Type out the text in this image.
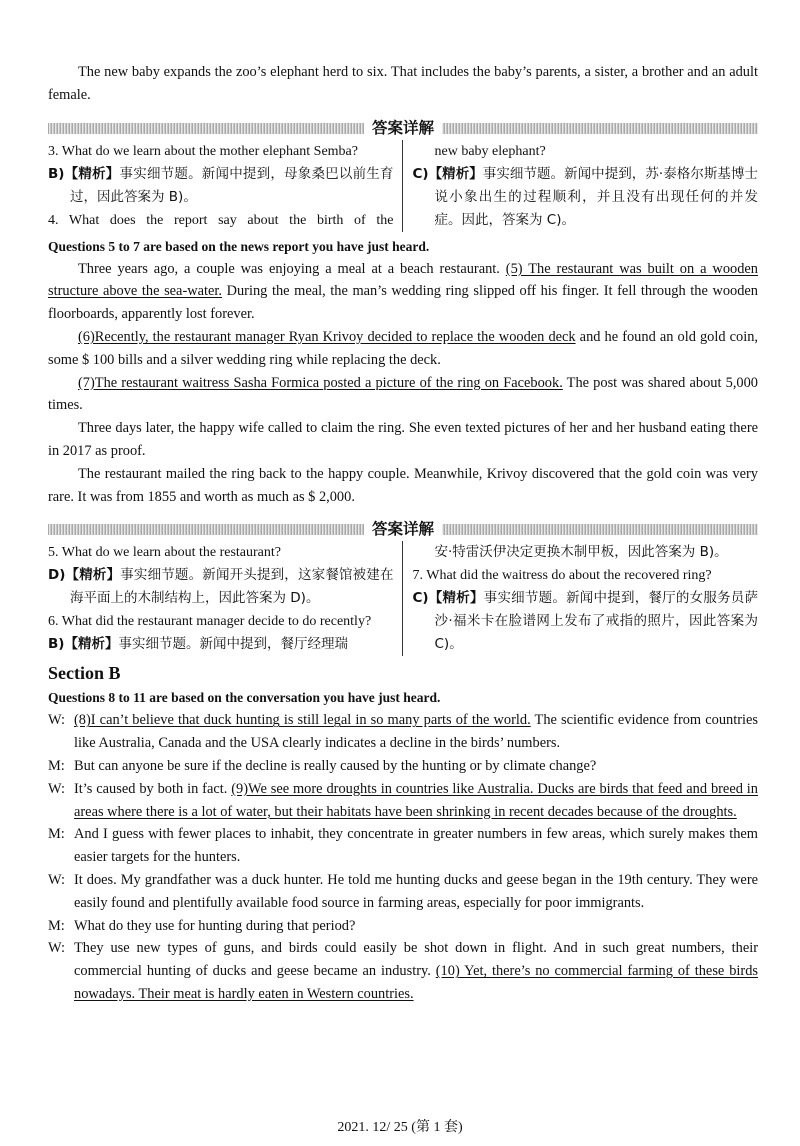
The new baby expands the zoo’s elephant herd to six. That includes the baby’s parents, a sister, a brother and an adult female.

答案详解

3. What do we learn about the mother elephant Semba?

B)【精析】事实细节题。新闻中提到，母象桑巴以前生育过，因此答案为 B)。

4. What does the report say about the birth of the

new baby elephant?

C)【精析】事实细节题。新闻中提到，苏·泰格尔斯基博士说小象出生的过程顺利，并且没有出现任何的并发症。因此，答案为 C)。

Questions 5 to 7 are based on the news report you have just heard.

Three years ago, a couple was enjoying a meal at a beach restaurant. (5) The restaurant was built on a wooden structure above the sea-water. During the meal, the man’s wedding ring slipped off his finger. It fell through the wooden floorboards, apparently lost forever.

(6)Recently, the restaurant manager Ryan Krivoy decided to replace the wooden deck and he found an old gold coin, some $ 100 bills and a silver wedding ring while replacing the deck.

(7)The restaurant waitress Sasha Formica posted a picture of the ring on Facebook. The post was shared about 5,000 times.

Three days later, the happy wife called to claim the ring. She even texted pictures of her and her husband eating there in 2017 as proof.

The restaurant mailed the ring back to the happy couple. Meanwhile, Krivoy discovered that the gold coin was very rare. It was from 1855 and worth as much as $ 2,000.

答案详解

5. What do we learn about the restaurant?

D)【精析】事实细节题。新闻开头提到，这家餐馆被建在海平面上的木制结构上，因此答案为 D)。

6. What did the restaurant manager decide to do recently?

B)【精析】事实细节题。新闻中提到，餐厅经理瑞

安·特雷沃伊决定更换木制甲板，因此答案为 B)。

7. What did the waitress do about the recovered ring?

C)【精析】事实细节题。新闻中提到，餐厅的女服务员萨沙·福米卡在脸谱网上发布了戒指的照片，因此答案为 C)。

Section B

Questions 8 to 11 are based on the conversation you have just heard.

W: (8)I can’t believe that duck hunting is still legal in so many parts of the world. The scientific evidence from countries like Australia, Canada and the USA clearly indicates a decline in the birds’ numbers.
M: But can anyone be sure if the decline is really caused by the hunting or by climate change?
W: It’s caused by both in fact. (9)We see more droughts in countries like Australia. Ducks are birds that feed and breed in areas where there is a lot of water, but their habitats have been shrinking in recent decades because of the droughts.
M: And I guess with fewer places to inhabit, they concentrate in greater numbers in few areas, which surely makes them easier targets for the hunters.
W: It does. My grandfather was a duck hunter. He told me hunting ducks and geese began in the 19th century. They were easily found and plentifully available food source in farming areas, especially for poor immigrants.
M: What do they use for hunting during that period?
W: They use new types of guns, and birds could easily be shot down in flight. And in such great numbers, their commercial hunting of ducks and geese became an industry. (10) Yet, there’s no commercial farming of these birds nowadays. Their meat is hardly eaten in Western countries.
2021. 12/ 25 (第 1 套)
